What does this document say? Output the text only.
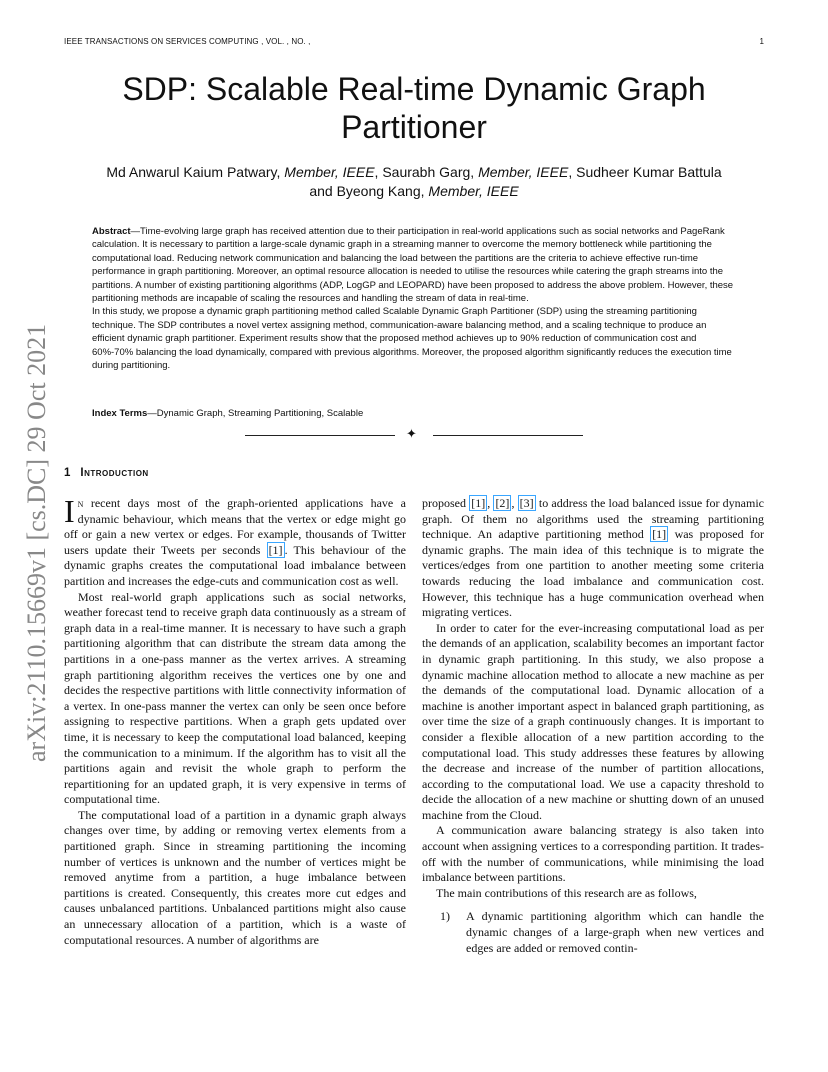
IEEE TRANSACTIONS ON SERVICES COMPUTING , VOL. , NO. ,	1
arXiv:2110.15669v1 [cs.DC] 29 Oct 2021
SDP: Scalable Real-time Dynamic Graph Partitioner
Md Anwarul Kaium Patwary, Member, IEEE, Saurabh Garg, Member, IEEE, Sudheer Kumar Battula
and Byeong Kang, Member, IEEE

Abstract—Time-evolving large graph has received attention due to their participation in real-world applications such as social networks and PageRank calculation. It is necessary to partition a large-scale dynamic graph in a streaming manner to overcome the memory bottleneck while partitioning the computational load. Reducing network communication and balancing the load between the partitions are the criteria to achieve effective run-time performance in graph partitioning. Moreover, an optimal resource allocation is needed to utilise the resources while catering the graph streams into the partitions. A number of existing partitioning algorithms (ADP, LogGP and LEOPARD) have been proposed to address the above problem. However, these partitioning methods are incapable of scaling the resources and handling the stream of data in real-time.

In this study, we propose a dynamic graph partitioning method called Scalable Dynamic Graph Partitioner (SDP) using the streaming partitioning technique. The SDP contributes a novel vertex assigning method, communication-aware balancing method, and a scaling technique to produce an efficient dynamic graph partitioner. Experiment results show that the proposed method achieves up to 90% reduction of communication cost and 60%-70% balancing the load dynamically, compared with previous algorithms. Moreover, the proposed algorithm significantly reduces the execution time during partitioning.

Index Terms—Dynamic Graph, Streaming Partitioning, Scalable
✦
1 Introduction

In recent days most of the graph-oriented applications have a dynamic behaviour, which means that the vertex or edge might go off or gain a new vertex or edges. For example, thousands of Twitter users update their Tweets per seconds [1] . This behaviour of the dynamic graphs creates the computational load imbalance between partition and increases the edge-cuts and communication cost as well.

Most real-world graph applications such as social networks, weather forecast tend to receive graph data continuously as a stream of graph data in a real-time manner. It is necessary to have such a graph partitioning algorithm that can distribute the stream data among the partitions in a one-pass manner as the vertex arrives. A streaming graph partitioning algorithm receives the vertices one by one and decides the respective partitions with little connectivity information of a vertex. In one-pass manner the vertex can only be seen once before assigning to respective partitions. When a graph gets updated over time, it is necessary to keep the computational load balanced, keeping the communication to a minimum. If the algorithm has to visit all the partitions again and revisit the whole graph to perform the repartitioning for an updated graph, it is very expensive in terms of computational time.

The computational load of a partition in a dynamic graph always changes over time, by adding or removing vertex elements from a partitioned graph. Since in streaming partitioning the incoming number of vertices is unknown and the number of vertices might be removed anytime from a partition, a huge imbalance between partitions is created. Consequently, this creates more cut edges and causes unbalanced partitions. Unbalanced partitions might also cause an unnecessary allocation of a partition, which is a waste of computational resources. A number of algorithms are

proposed [1] , [2] , [3] to address the load balanced issue for dynamic graph. Of them no algorithms used the streaming partitioning technique. An adaptive partitioning method [1] was proposed for dynamic graphs. The main idea of this technique is to migrate the vertices/edges from one partition to another meeting some criteria towards reducing the load imbalance and communication cost. However, this technique has a huge communication overhead when migrating vertices.

In order to cater for the ever-increasing computational load as per the demands of an application, scalability becomes an important factor in dynamic graph partitioning. In this study, we also propose a dynamic machine allocation method to allocate a new machine as per the demands of the computational load. Dynamic allocation of a machine is another important aspect in balanced graph partitioning, as over time the size of a graph continuously changes. It is important to consider a flexible allocation of a new partition according to the computational load. This study addresses these features by allowing the decrease and increase of the number of partition allocations, according to the computational load. We use a capacity threshold to decide the allocation of a new machine or shutting down of an unused machine from the Cloud.

A communication aware balancing strategy is also taken into account when assigning vertices to a corresponding partition. It trades-off with the number of communications, while minimising the load imbalance between partitions.

The main contributions of this research are as follows,

1) A dynamic partitioning algorithm which can handle the dynamic changes of a large-graph when new vertices and edges are added or removed contin-
